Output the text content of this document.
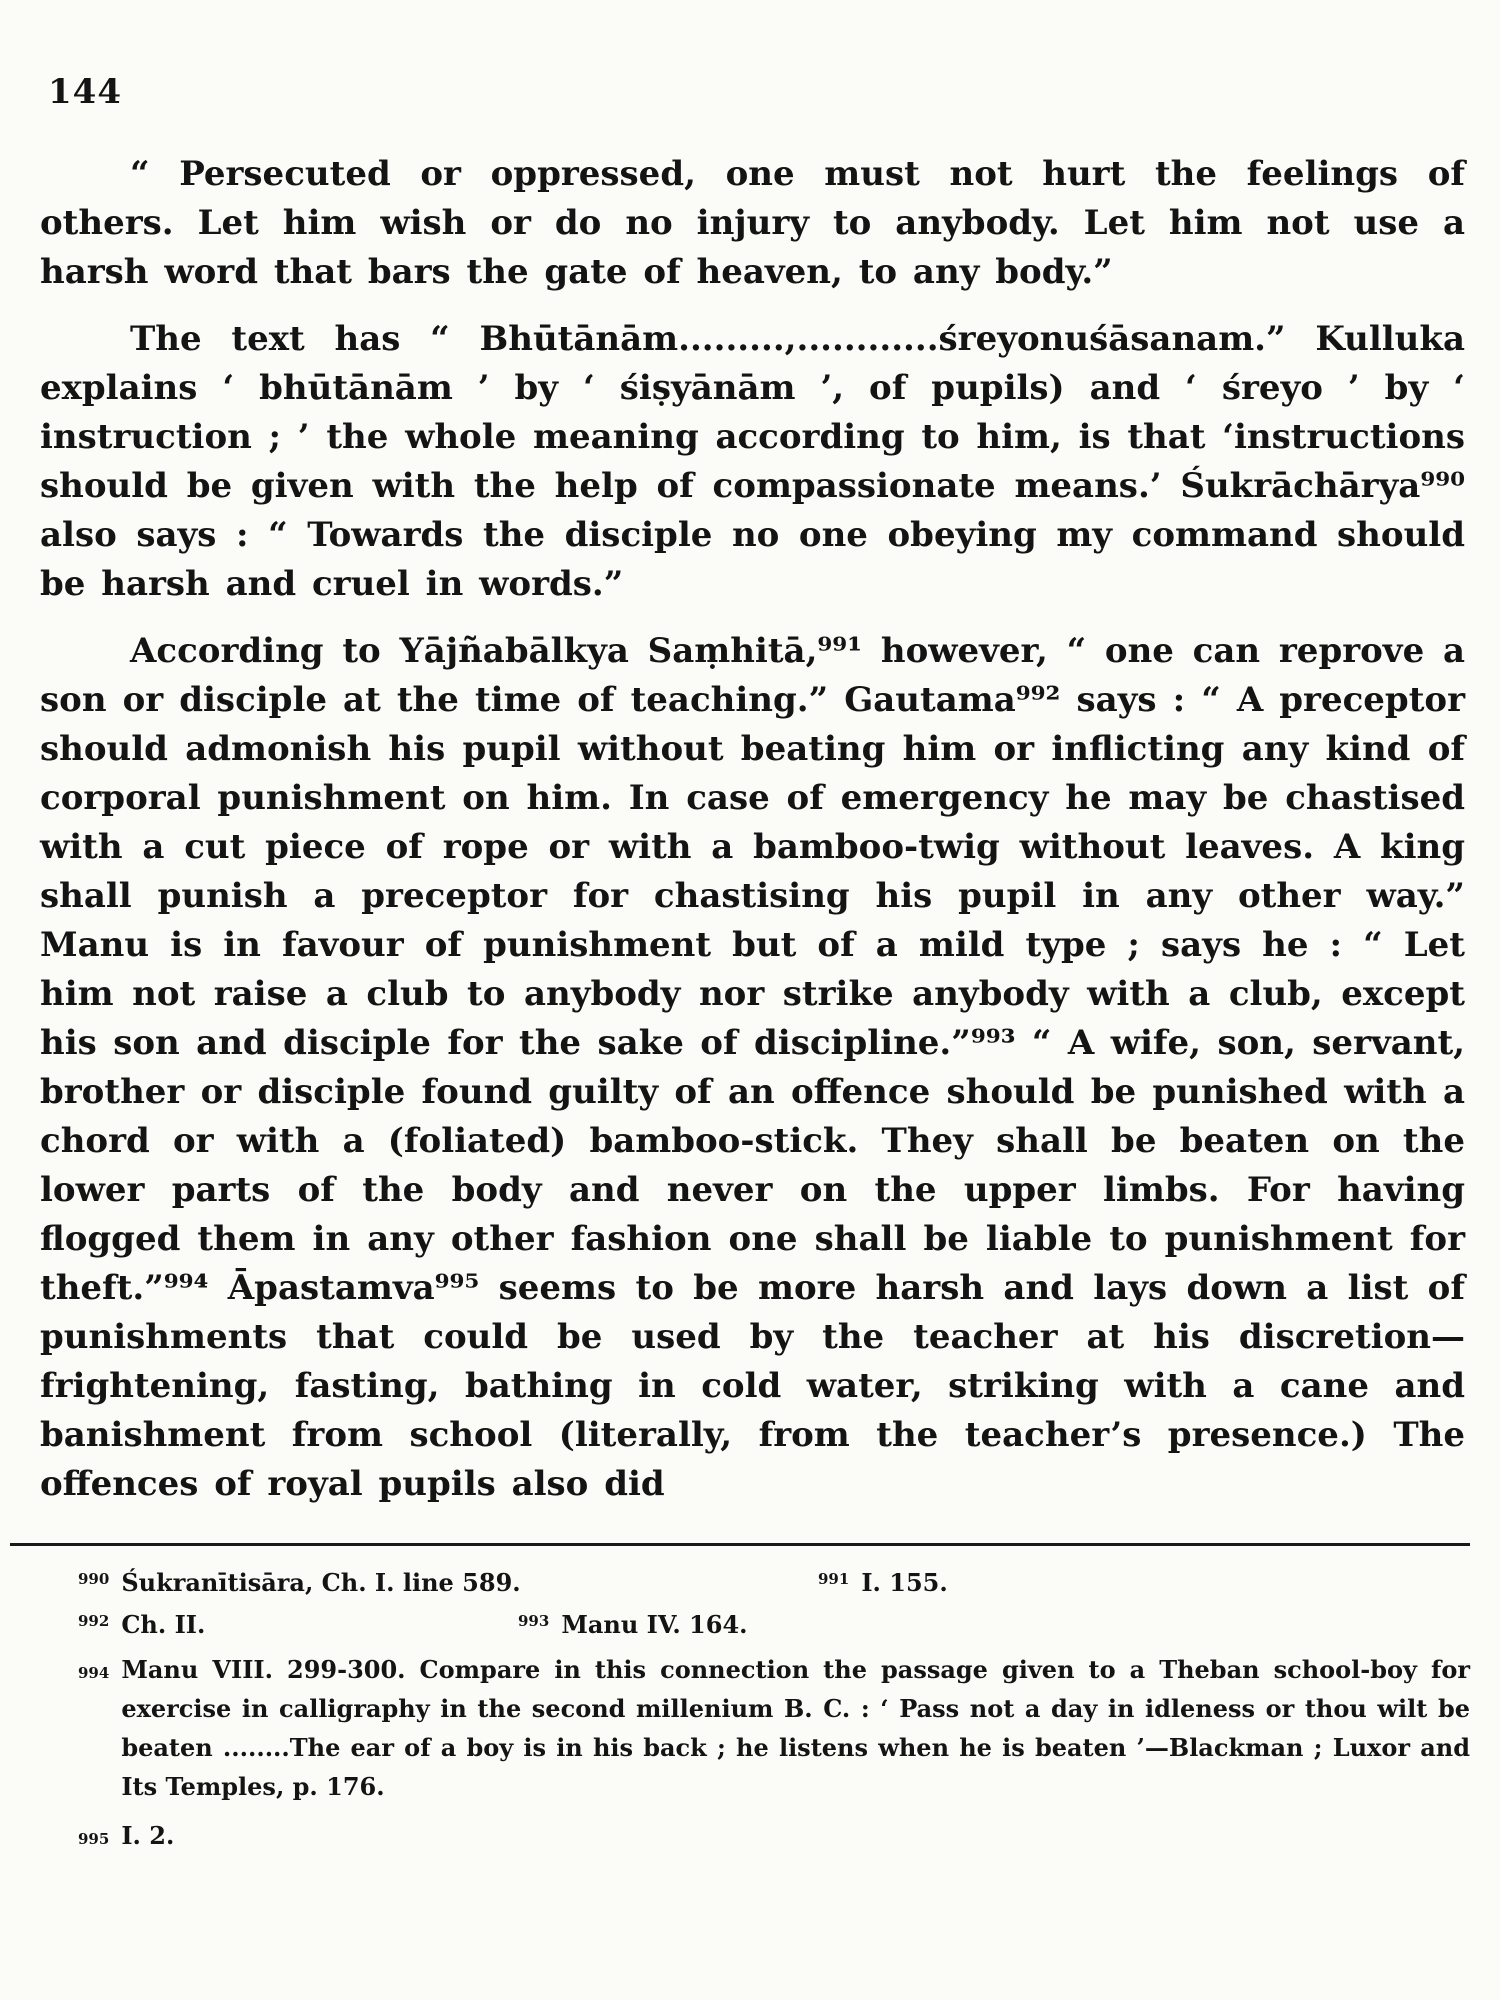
144

“ Persecuted or oppressed, one must not hurt the feelings of others. Let him wish or do no injury to anybody. Let him not use a harsh word that bars the gate of heaven, to any body.”

The text has “ Bhūtānām.........,............śreyonuśāsanam.” Kulluka explains ‘ bhūtānām ’ by ‘ śiṣyānām ’, of pupils) and ‘ śreyo ’ by ‘ instruction ; ’ the whole meaning according to him, is that ‘instructions should be given with the help of compassionate means.’ Śukrāchārya⁹⁹⁰ also says : “ Towards the disciple no one obeying my command should be harsh and cruel in words.”

According to Yājñabālkya Saṃhitā,⁹⁹¹ however, “ one can reprove a son or disciple at the time of teaching.” Gautama⁹⁹² says : “ A preceptor should admonish his pupil without beating him or inflicting any kind of corporal punishment on him. In case of emergency he may be chastised with a cut piece of rope or with a bamboo-twig without leaves. A king shall punish a preceptor for chastising his pupil in any other way.” Manu is in favour of punishment but of a mild type ; says he : “ Let him not raise a club to anybody nor strike anybody with a club, except his son and disciple for the sake of discipline.”⁹⁹³ “ A wife, son, servant, brother or disciple found guilty of an offence should be punished with a chord or with a (foliated) bamboo-stick. They shall be beaten on the lower parts of the body and never on the upper limbs. For having flogged them in any other fashion one shall be liable to punishment for theft.”⁹⁹⁴ Āpastamva⁹⁹⁵ seems to be more harsh and lays down a list of punishments that could be used by the teacher at his discretion—frightening, fasting, bathing in cold water, striking with a cane and banishment from school (literally, from the teacher’s presence.) The offences of royal pupils also did

$^{990}$ Śukranītisāra, Ch. I. line 589.	$^{991}$ I. 155.
$^{992}$ Ch. II.	$^{993}$ Manu IV. 164.
994 Manu VIII. 299-300. Compare in this connection the passage given to a Theban school-boy for exercise in calligraphy in the second millenium B. C. : ‘ Pass not a day in idleness or thou wilt be beaten ........The ear of a boy is in his back ; he listens when he is beaten ’—Blackman ; Luxor and Its Temples, p. 176.
995 I. 2.
